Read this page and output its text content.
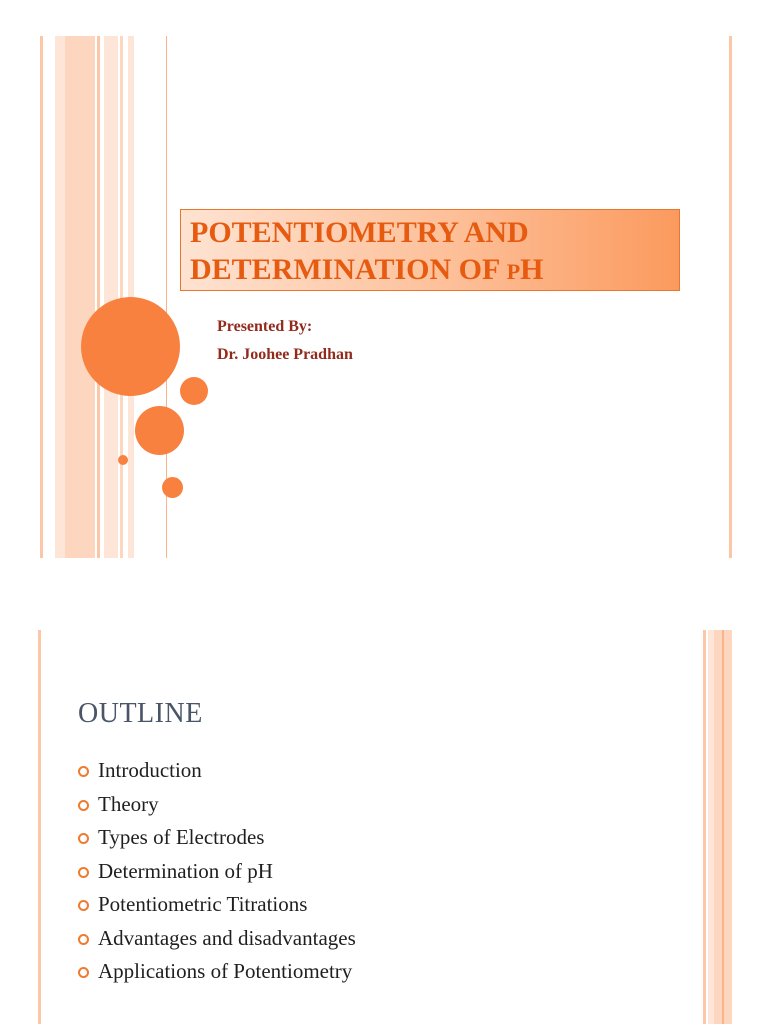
POTENTIOMETRY AND
DETERMINATION OF PH
Presented By:
Dr. Joohee Pradhan
OUTLINE
Introduction
Theory
Types of Electrodes
Determination of pH
Potentiometric Titrations
Advantages and disadvantages
Applications of Potentiometry
